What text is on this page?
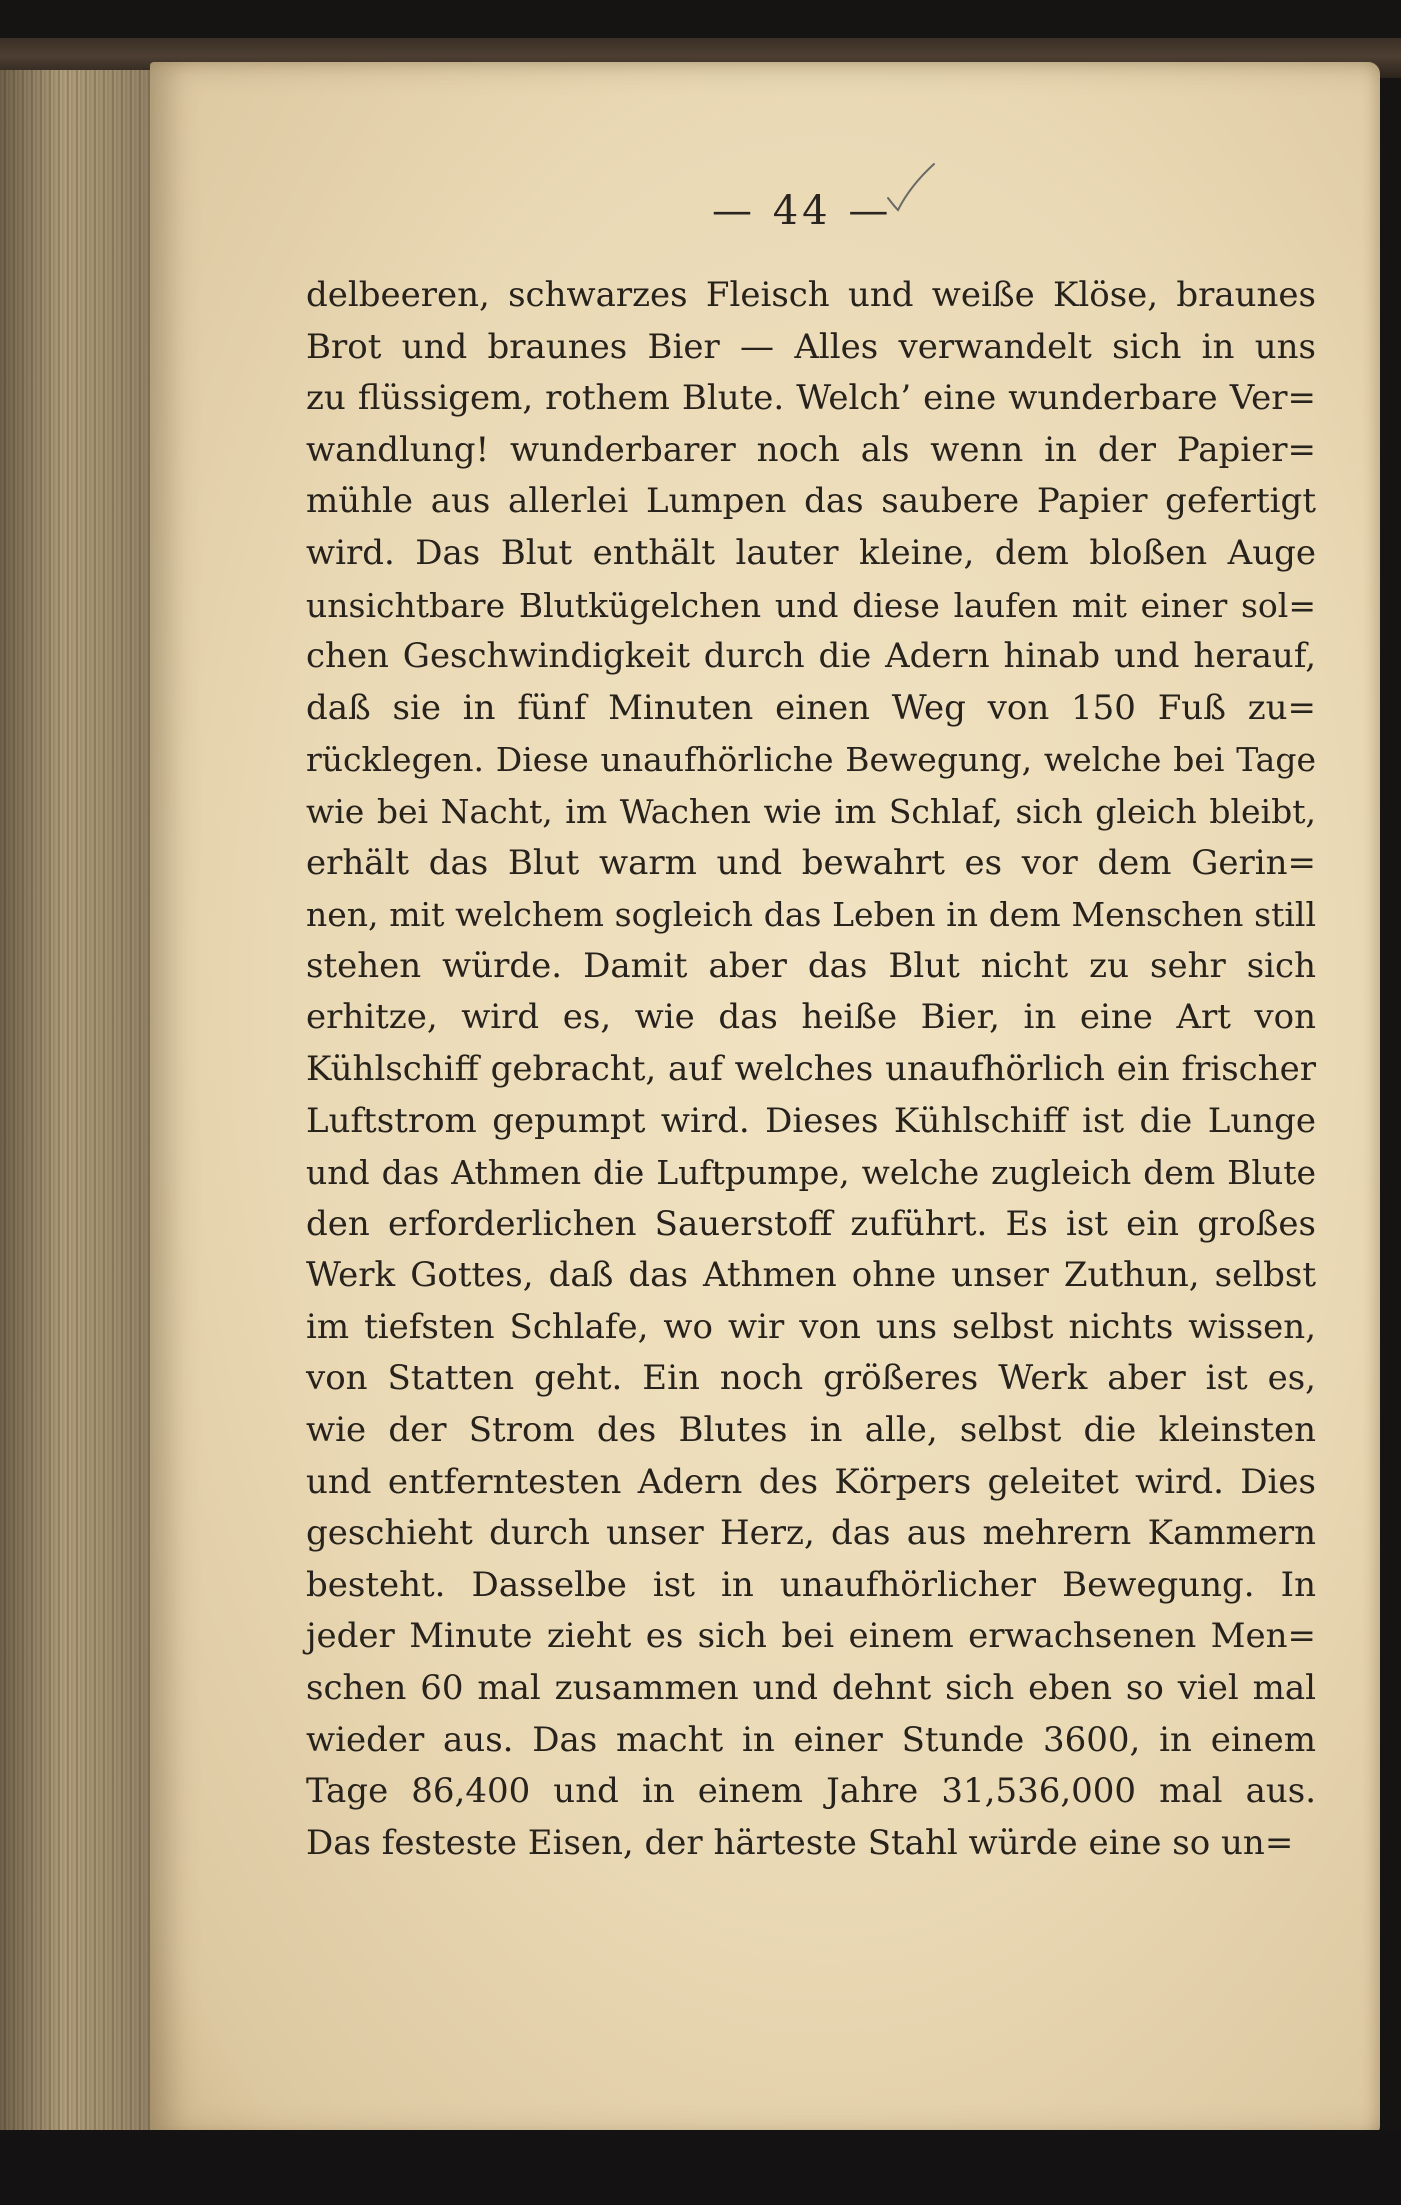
— 44 —
delbeeren, schwarzes Fleisch und weiße Klöse, braunes
Brot und braunes Bier — Alles verwandelt sich in uns
zu flüssigem, rothem Blute. Welch’ eine wunderbare Ver=
wandlung! wunderbarer noch als wenn in der Papier=
mühle aus allerlei Lumpen das saubere Papier gefertigt
wird. Das Blut enthält lauter kleine, dem bloßen Auge
unsichtbare Blutkügelchen und diese laufen mit einer sol=
chen Geschwindigkeit durch die Adern hinab und herauf,
daß sie in fünf Minuten einen Weg von 150 Fuß zu=
rücklegen. Diese unaufhörliche Bewegung, welche bei Tage
wie bei Nacht, im Wachen wie im Schlaf, sich gleich bleibt,
erhält das Blut warm und bewahrt es vor dem Gerin=
nen, mit welchem sogleich das Leben in dem Menschen still
stehen würde. Damit aber das Blut nicht zu sehr sich
erhitze, wird es, wie das heiße Bier, in eine Art von
Kühlschiff gebracht, auf welches unaufhörlich ein frischer
Luftstrom gepumpt wird. Dieses Kühlschiff ist die Lunge
und das Athmen die Luftpumpe, welche zugleich dem Blute
den erforderlichen Sauerstoff zuführt. Es ist ein großes
Werk Gottes, daß das Athmen ohne unser Zuthun, selbst
im tiefsten Schlafe, wo wir von uns selbst nichts wissen,
von Statten geht. Ein noch größeres Werk aber ist es,
wie der Strom des Blutes in alle, selbst die kleinsten
und entferntesten Adern des Körpers geleitet wird. Dies
geschieht durch unser Herz, das aus mehrern Kammern
besteht. Dasselbe ist in unaufhörlicher Bewegung. In
jeder Minute zieht es sich bei einem erwachsenen Men=
schen 60 mal zusammen und dehnt sich eben so viel mal
wieder aus. Das macht in einer Stunde 3600, in einem
Tage 86,400 und in einem Jahre 31,536,000 mal aus.
Das festeste Eisen, der härteste Stahl würde eine so un=
